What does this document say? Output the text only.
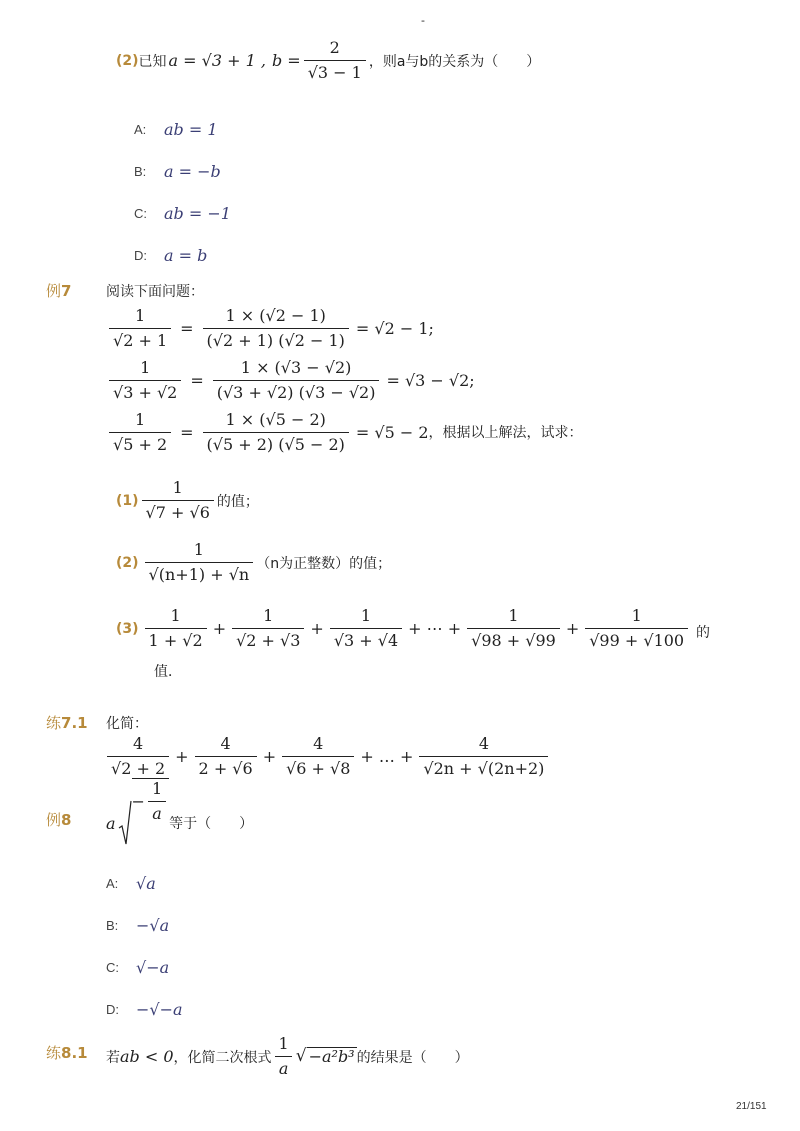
-
(2) 已知 a = √3 + 1 , $b = \frac{2}{√3 - 1}$ ，则a与b的关系为（　　）
A:	ab = 1
B:	a = −b
C:	ab = −1
D:	a = b
例7 阅读下面问题：
$\frac{1}{√2 + 1} = \frac{1 \times (√2 - 1)}{(√2 + 1) (√2 - 1)} = √2 - 1$;
$\frac{1}{√3 + √2} = \frac{1 \times (√3 - √2)}{(√3 + √2) (√3 - √2)} = √3 - √2$;
$\frac{1}{√5 + 2} = \frac{1 \times (√5 - 2)}{(√5 + 2) (√5 - 2)} = √5 - 2$ ，根据以上解法，试求：
$(1) \frac{1}{√7 + √6}$ 的值；
$(2) \frac{1}{√(n+1) + √n} (n$为正整数）的值；
$(3) \frac{1}{1 + √2} + \frac{1}{√2 + √3} + \frac{1}{√3 + √4}$ + ⋯ + $\frac{1}{√98 + √99} + \frac{1}{√99 + √100}$ 的
值．
练7.1 化简：
$\frac{4}{√2 + 2} + \frac{4}{2 + √6} + \frac{4}{√6 + √8}$ + … + $\frac{4}{√2n + √(2n+2)}$
例8 a
− $\frac{1}{a}$ 等于（　　）
A:	√a
B:	−√a
C:	√−a
D:	−√−a
练8.1 若 ab < 0 ，化简二次根式 $\frac{1}{a}$ √ −a²b³ 的结果是（　　）
21/151
